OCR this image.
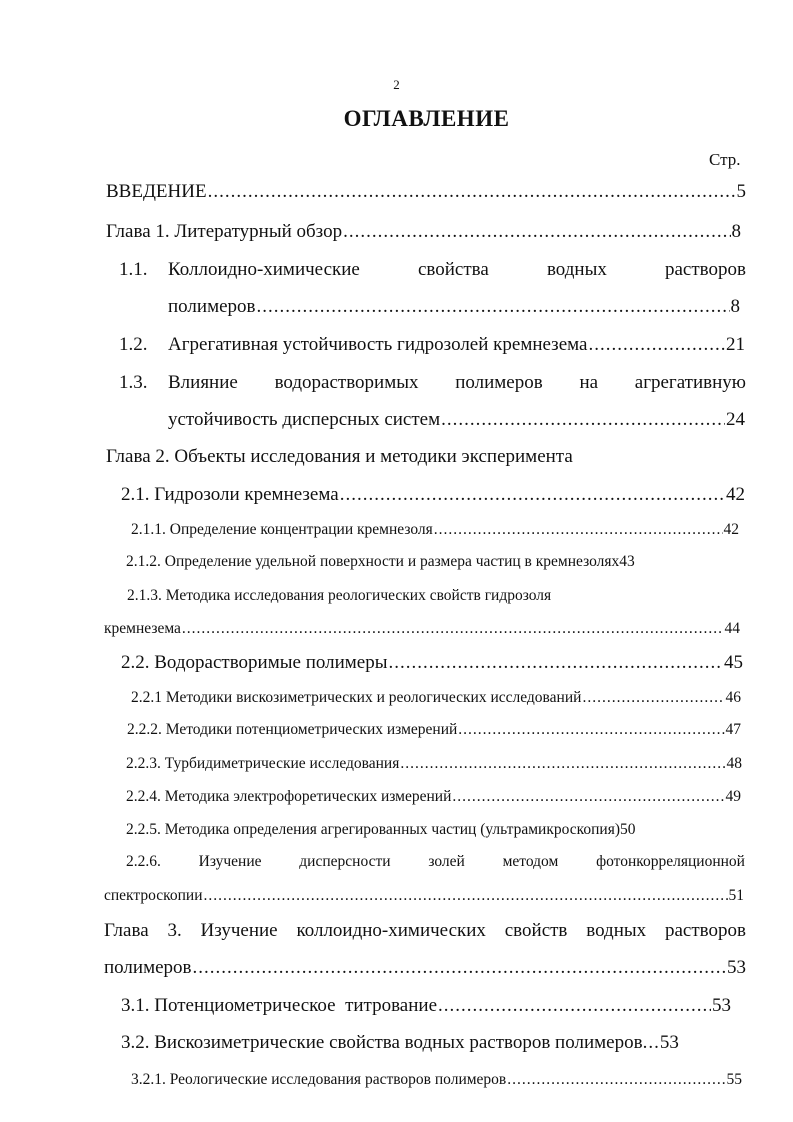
2
ОГЛАВЛЕНИЕ
Стр.
ВВЕДЕНИЕ .....	5
Глава 1. Литературный обзор .....	8
1.1. Коллоидно-химические	свойства	водных	растворов
полимеров .....	8
1.2. Агрегативная устойчивость гидрозолей кремнезема .....	21
1.3. Влияние водорастворимых полимеров на агрегативную
устойчивость дисперсных систем .....	24
Глава 2. Объекты исследования и методики эксперимента
2.1. Гидрозоли кремнезема .....	42
2.1.1. Определение концентрации кремнезоля .....	42
2.1.2. Определение удельной поверхности и размера частиц в кремнезолях 43
2.1.3. Методика исследования реологических свойств гидрозоля
кремнезема .....	44
2.2. Водорастворимые полимеры .....	45
2.2.1 Методики вискозиметрических и реологических исследований .....	46
2.2.2. Методики потенциометрических измерений .....	47
2.2.3. Турбидиметрические исследования .....	48
2.2.4. Методика электрофоретических измерений .....	49
2.2.5. Методика определения агрегированных частиц (ультрамикроскопия) 50
2.2.6. Изучение дисперсности золей методом фотонкорреляционной
спектроскопии .....	51
Глава 3. Изучение коллоидно-химических свойств водных растворов
полимеров .....	53
3.1. Потенциометрическое  титрование .....	53
3.2. Вискозиметрические свойства водных растворов полимеров ... 53
3.2.1. Реологические исследования растворов полимеров .....	55
